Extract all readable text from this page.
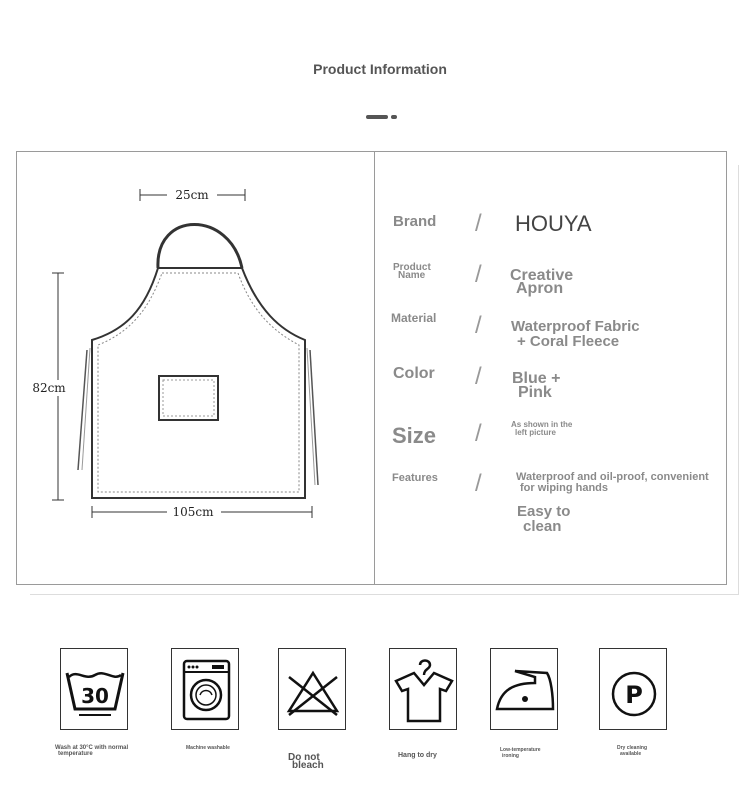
Product Information
25cm
82cm
105cm
Brand / HOUYA
Product
Name / Creative
Apron
Material / Waterproof Fabric
+ Coral Fleece
Color / Blue +
Pink
Size /	As shown in the
left picture
Features /	Waterproof and oil-proof, convenient
for wiping hands
Easy to
clean
30
Wash at 30°C with normal
temperature
Machine washable
Do not
bleach
Hang to dry
Low-temperature
ironing
P
Dry cleaning
available
